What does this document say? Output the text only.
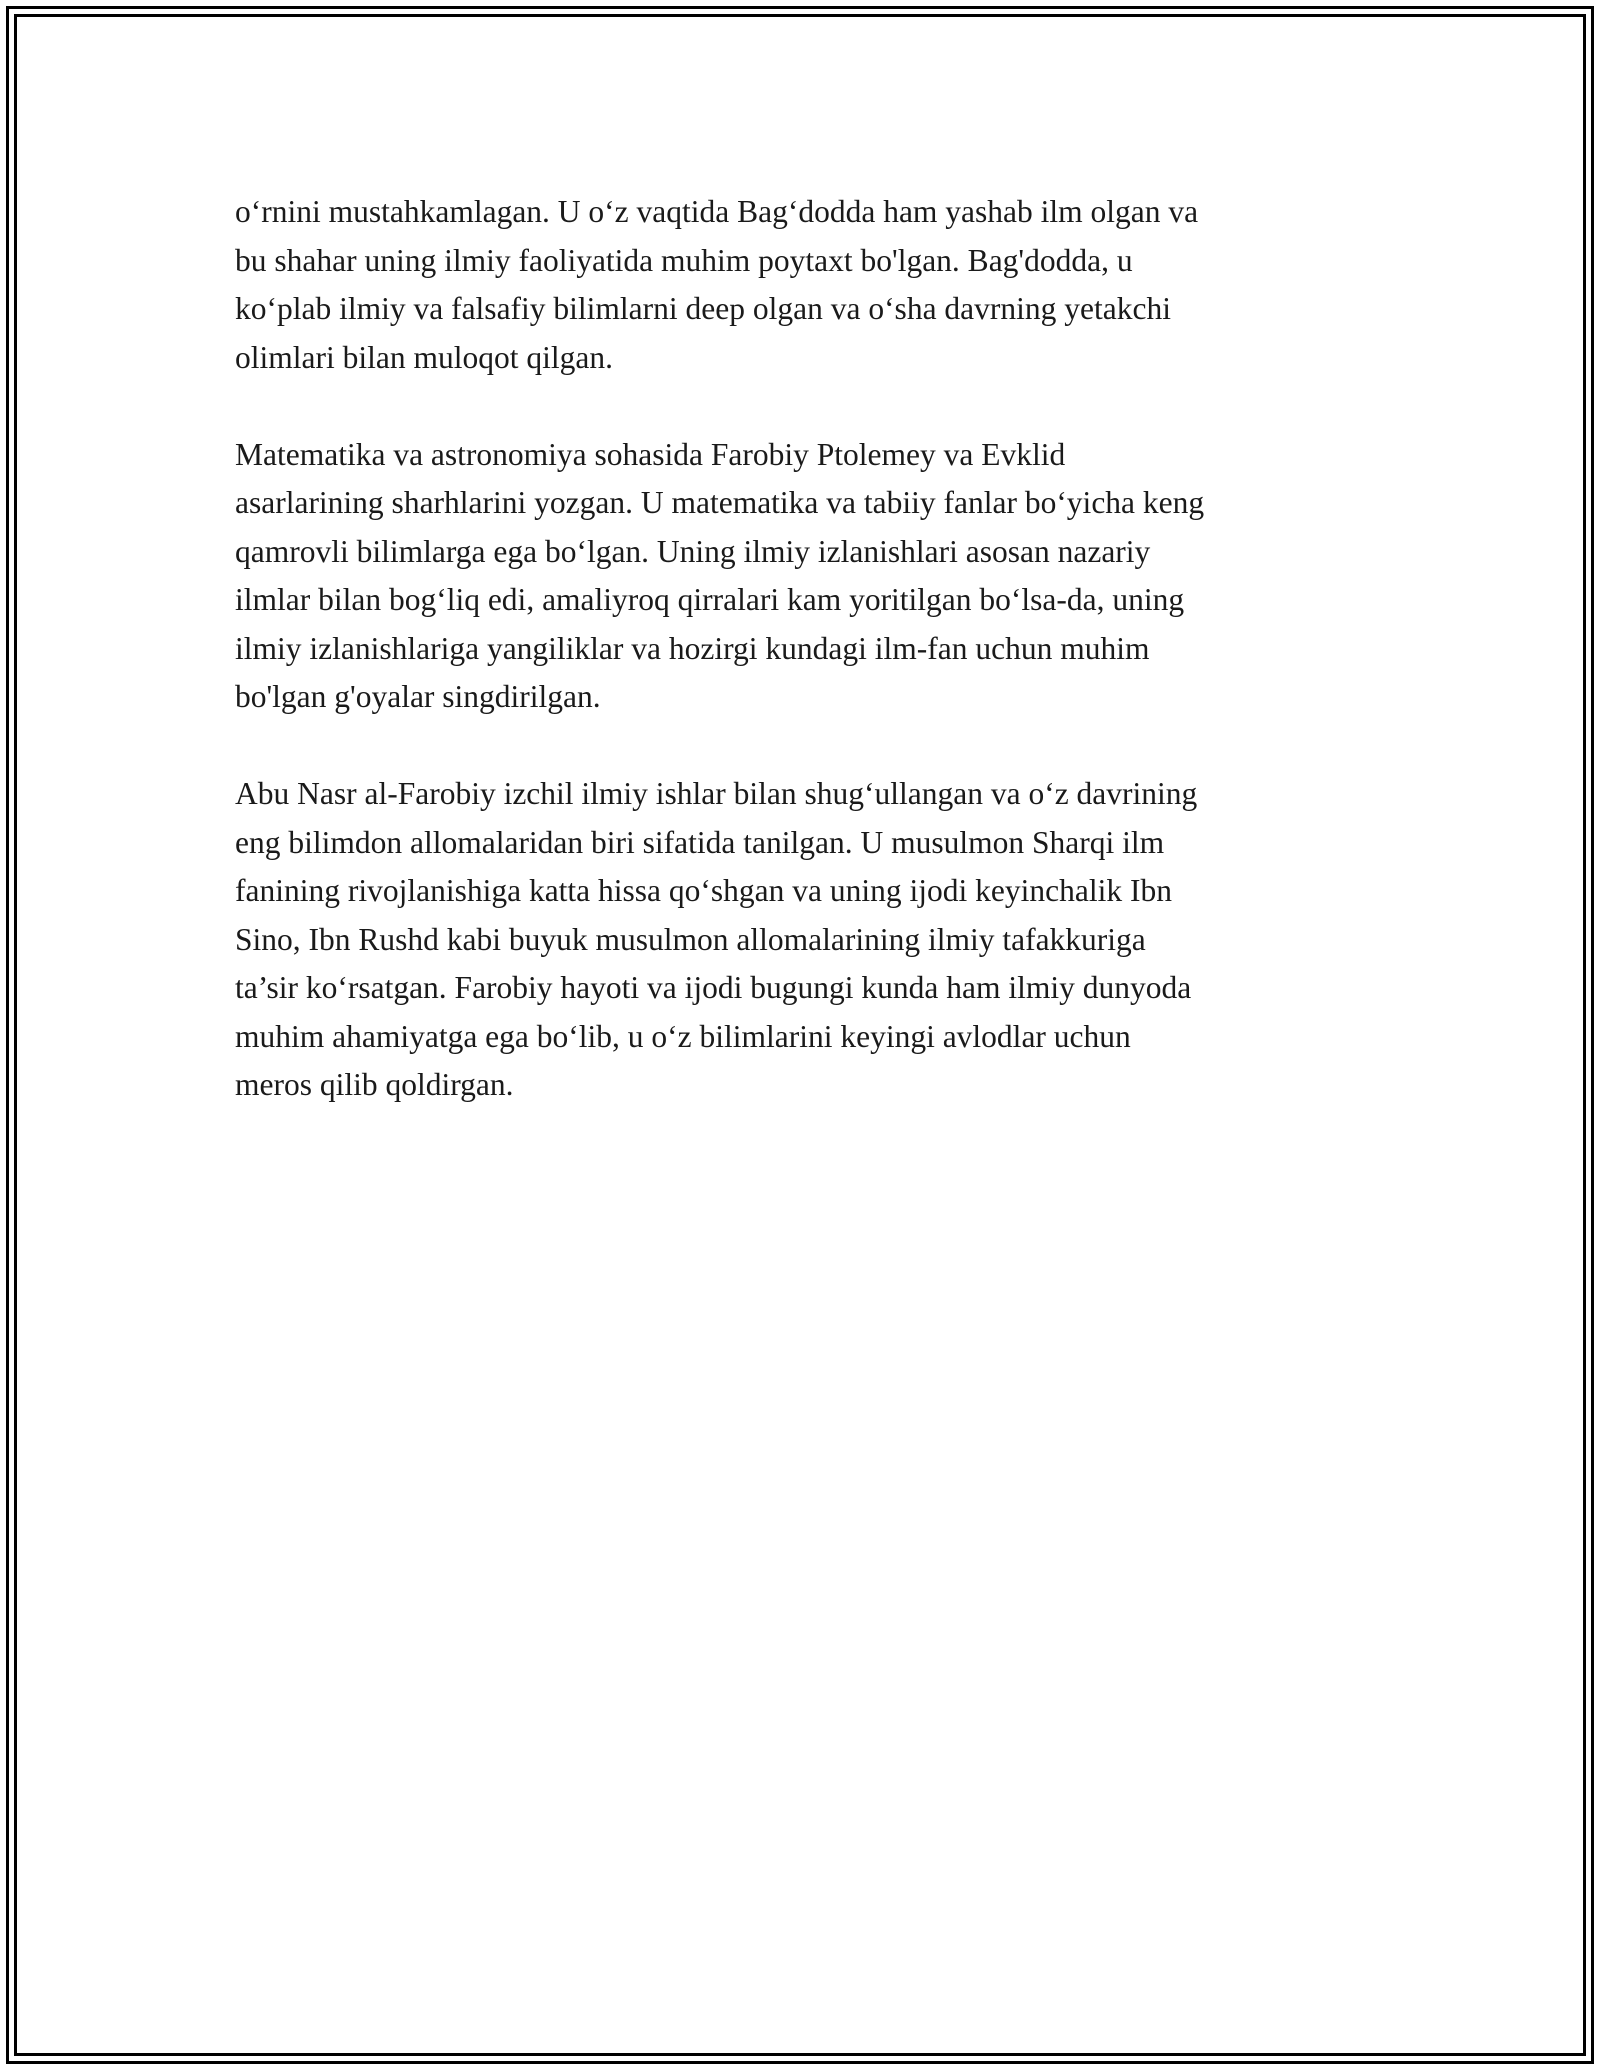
o‘rnini mustahkamlagan. U o‘z vaqtida Bag‘dodda ham yashab ilm olgan va
bu shahar uning ilmiy faoliyatida muhim poytaxt bo'lgan. Bag'dodda, u
ko‘plab ilmiy va falsafiy bilimlarni deep olgan va o‘sha davrning yetakchi
olimlari bilan muloqot qilgan.

Matematika va astronomiya sohasida Farobiy Ptolemey va Evklid
asarlarining sharhlarini yozgan. U matematika va tabiiy fanlar bo‘yicha keng
qamrovli bilimlarga ega bo‘lgan. Uning ilmiy izlanishlari asosan nazariy
ilmlar bilan bog‘liq edi, amaliyroq qirralari kam yoritilgan bo‘lsa-da, uning
ilmiy izlanishlariga yangiliklar va hozirgi kundagi ilm-fan uchun muhim
bo'lgan g'oyalar singdirilgan.

Abu Nasr al-Farobiy izchil ilmiy ishlar bilan shug‘ullangan va o‘z davrining
eng bilimdon allomalaridan biri sifatida tanilgan. U musulmon Sharqi ilm
fanining rivojlanishiga katta hissa qo‘shgan va uning ijodi keyinchalik Ibn
Sino, Ibn Rushd kabi buyuk musulmon allomalarining ilmiy tafakkuriga
ta’sir ko‘rsatgan. Farobiy hayoti va ijodi bugungi kunda ham ilmiy dunyoda
muhim ahamiyatga ega bo‘lib, u o‘z bilimlarini keyingi avlodlar uchun
meros qilib qoldirgan.
